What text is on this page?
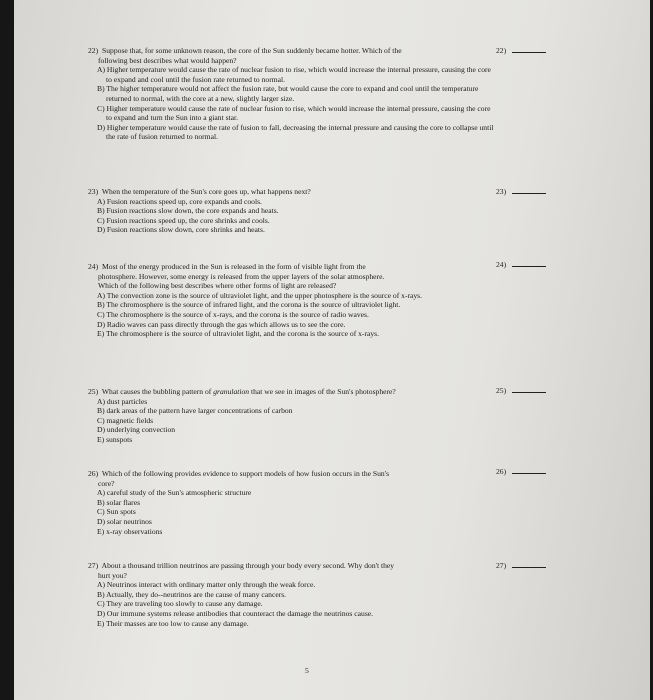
22) Suppose that, for some unknown reason, the core of the Sun suddenly became hotter. Which of the
following best describes what would happen?

A) Higher temperature would cause the rate of nuclear fusion to rise, which would increase the internal pressure, causing the core to expand and cool until the fusion rate returned to normal.

B) The higher temperature would not affect the fusion rate, but would cause the core to expand and cool until the temperature returned to normal, with the core at a new, slightly larger size.

C) Higher temperature would cause the rate of nuclear fusion to rise, which would increase the internal pressure, causing the core to expand and turn the Sun into a giant star.

D) Higher temperature would cause the rate of fusion to fall, decreasing the internal pressure and causing the core to collapse until the rate of fusion returned to normal.

23) When the temperature of the Sun's core goes up, what happens next?

A) Fusion reactions speed up, core expands and cools.

B) Fusion reactions slow down, the core expands and heats.

C) Fusion reactions speed up, the core shrinks and cools.

D) Fusion reactions slow down, core shrinks and heats.

24) Most of the energy produced in the Sun is released in the form of visible light from the
photosphere. However, some energy is released from the upper layers of the solar atmosphere.
Which of the following best describes where other forms of light are released?

A) The convection zone is the source of ultraviolet light, and the upper photosphere is the source of x-rays.

B) The chromosphere is the source of infrared light, and the corona is the source of ultraviolet light.

C) The chromosphere is the source of x-rays, and the corona is the source of radio waves.

D) Radio waves can pass directly through the gas which allows us to see the core.

E) The chromosphere is the source of ultraviolet light, and the corona is the source of x-rays.

25) What causes the bubbling pattern of granulation that we see in images of the Sun's photosphere?

A) dust particles

B) dark areas of the pattern have larger concentrations of carbon

C) magnetic fields

D) underlying convection

E) sunspots

26) Which of the following provides evidence to support models of how fusion occurs in the Sun's
core?

A) careful study of the Sun's atmospheric structure

B) solar flares

C) Sun spots

D) solar neutrinos

E) x-ray observations

27) About a thousand trillion neutrinos are passing through your body every second. Why don't they
hurt you?

A) Neutrinos interact with ordinary matter only through the weak force.

B) Actually, they do--neutrinos are the cause of many cancers.

C) They are traveling too slowly to cause any damage.

D) Our immune systems release antibodies that counteract the damage the neutrinos cause.

E) Their masses are too low to cause any damage.

22)
23)
24)
25)
26)
27)
5
